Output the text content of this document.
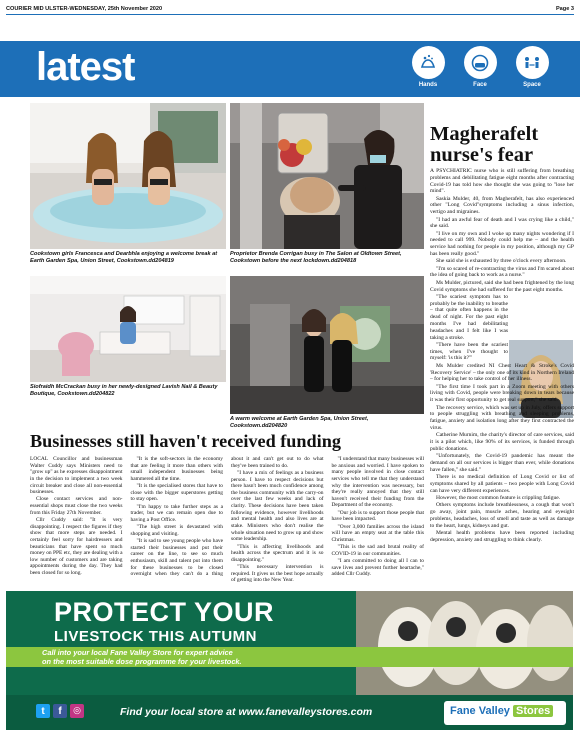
COURIER MID ULSTER-WEDNESDAY, 25th November 2020	Page 3
latest	Hands	Face	Space
Cookstown girls Francesca and Dearbhla enjoying a welcome break at Earth Garden Spa, Union Street, Cookstown.dd204819
Proprietor Brenda Corrigan busy in The Salon at Oldtown Street, Cookstown before the next lockdown.dd204818
Siofraidh McCrackan busy in her newly-designed Lavish Nail & Beauty Boutique, Cookstown.dd204822
A warm welcome at Earth Garden Spa, Union Street, Cookstown.dd204820
Magherafelt
nurse's fear

A PSYCHIATRIC nurse who is still suffering from breathing problems and debilitating fatigue eight months after contracting Covid-19 has told how she thought she was going to "lose her mind".

Saskia Mulder, 40, from Magherafelt, has also experienced other "Long Covid"symptoms including a sinus infection, vertigo and migraines.

"I had an awful fear of death and I was crying like a child," she said.

"I live on my own and I woke up many nights wondering if I needed to call 999. Nobody could help me – and the health service had nothing for people in my position, although my GP has been really good."

She said she is exhausted by three o'clock every afternoon.

"I'm so scared of re-contracting the virus and I'm scared about the idea of going back to work as a nurse."

Ms Mulder, pictured, said she had been frightened by the long Covid symptoms she had suffered for the past eight months.

"The scariest symptom has to probably be the inability to breathe – that quite often happens in the dead of night. For the past eight months I've had debilitating headaches and I felt like I was taking a stroke.

"There have been the scariest times, when I've thought to myself: 'is this it?'"

Ms Mulder credited NI Chest Heart & Stroke's Covid 'Recovery Service' – the only one of its kind in Northern Ireland – for helping her to take control of her illness.

"The first time I took part in a Zoom meeting with others living with Covid, people were breaking down in tears because it was their first opportunity to get real support," she said.

The recovery service, which was set up in July, offers support to people struggling with breathing and sleeping problems, fatigue, anxiety and isolation long after they first contracted the virus.

Catherine Murnim, the charity's director of care services, said it is a pilot which, like 90% of its services, is funded through public donations.

"Unfortunately, the Covid-19 pandemic has meant the demand on all our services is bigger than ever, while donations have fallen," she said."

There is no medical definition of Long Covid or list of symptoms shared by all patients – two people with Long Covid can have very different experiences.

However, the most common feature is crippling fatigue.

Others symptoms include breathlessness, a cough that won't go away, joint pain, muscle aches, hearing and eyesight problems, headaches, loss of smell and taste as well as damage to the heart, lungs, kidneys and gut.

Mental health problems have been reported including depression, anxiety and struggling to think clearly.

Businesses still haven't received funding

LOCAL Councillor and businessman Walter Cuddy says Ministers need to "grow up" as he expresses disappointment in the decision to implement a two week circuit breaker and close all non-essential businesses.

Close contact services and non-essential shops must close the two weeks from this Friday 27th November.

Cllr Cuddy said: "It is very disappointing. I respect the figures if they show that more steps are needed. I certainly feel sorry for hairdressers and beauticians that have spent so much money on PPE etc, they are dealing with a low number of customers and are taking appointments during the day. They had been closed for so long.

"It is the soft-sectors in the economy that are feeling it more than others with small independent businesses being hammered all the time.

"It is the specialised stores that have to close with the bigger superstores getting to stay open.

"I'm happy to take further steps as a trader, but we can remain open due to having a Post Office.

"The high street is devastated with shopping and visiting.

"It is sad to see young people who have started their businesses and put their career on the line, to see so much enthusiasm, skill and talent put into them for these businesses to be closed overnight when they can't do a thing about it and can't get out to do what they've been trained to do.

"I have a mix of feelings as a business person. I have to respect decisions but there hasn't been much confidence among the business community with the carry-on over the last few weeks and lack of clarity. These decisions have been taken following evidence, however livelihoods and mental health and also lives are at stake. Ministers who don't realise the whole situation need to grow up and show some leadership.

"This is affecting livelihoods and health across the spectrum and it is so disappointing."

"This necessary intervention is required. It gives us the best hope actually of getting into the New Year.

"I understand that many businesses will be anxious and worried. I have spoken to many people involved in close contact services who tell me that they understand why the intervention was necessary, but they're really annoyed that they still haven't received their funding from the Department of the economy.

"Our job is to support those people that have been impacted.

"Over 3,000 families across the island will have an empty seat at the table this Christmas.

"This is the sad and brutal reality of COVID-19 in our communities.

"I am committed to doing all I can to save lives and prevent further heartache," added Cllr Cuddy.

PROTECT YOUR
LIVESTOCK THIS AUTUMN
Call into your local Fane Valley Store for expert advice
on the most suitable dose programme for your livestock.
t	f	◎	Find your local store at www.fanevalleystores.com	Fane Valley Stores
